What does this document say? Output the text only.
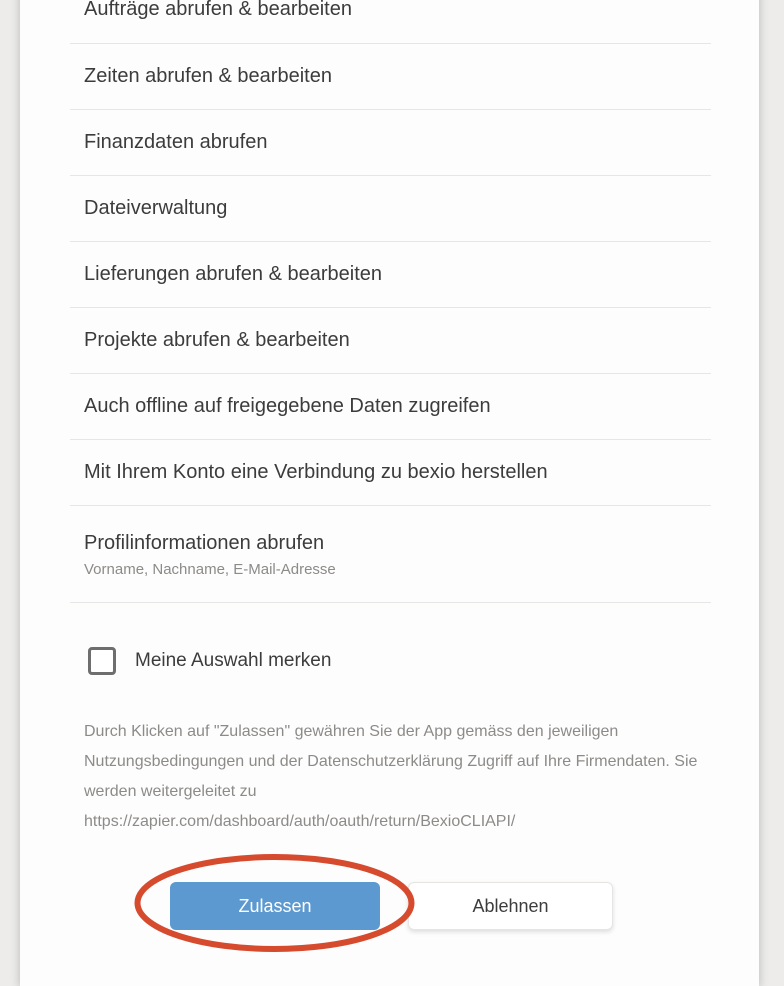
Aufträge abrufen & bearbeiten
Zeiten abrufen & bearbeiten
Finanzdaten abrufen
Dateiverwaltung
Lieferungen abrufen & bearbeiten
Projekte abrufen & bearbeiten
Auch offline auf freigegebene Daten zugreifen
Mit Ihrem Konto eine Verbindung zu bexio herstellen
Profilinformationen abrufen
Vorname, Nachname, E-Mail-Adresse
Meine Auswahl merken

Durch Klicken auf "Zulassen" gewähren Sie der App gemäss den jeweiligen Nutzungsbedingungen und der Datenschutzerklärung Zugriff auf Ihre Firmendaten. Sie werden weitergeleitet zu

https://zapier.com/dashboard/auth/oauth/return/BexioCLIAPI/
Zulassen	Ablehnen
